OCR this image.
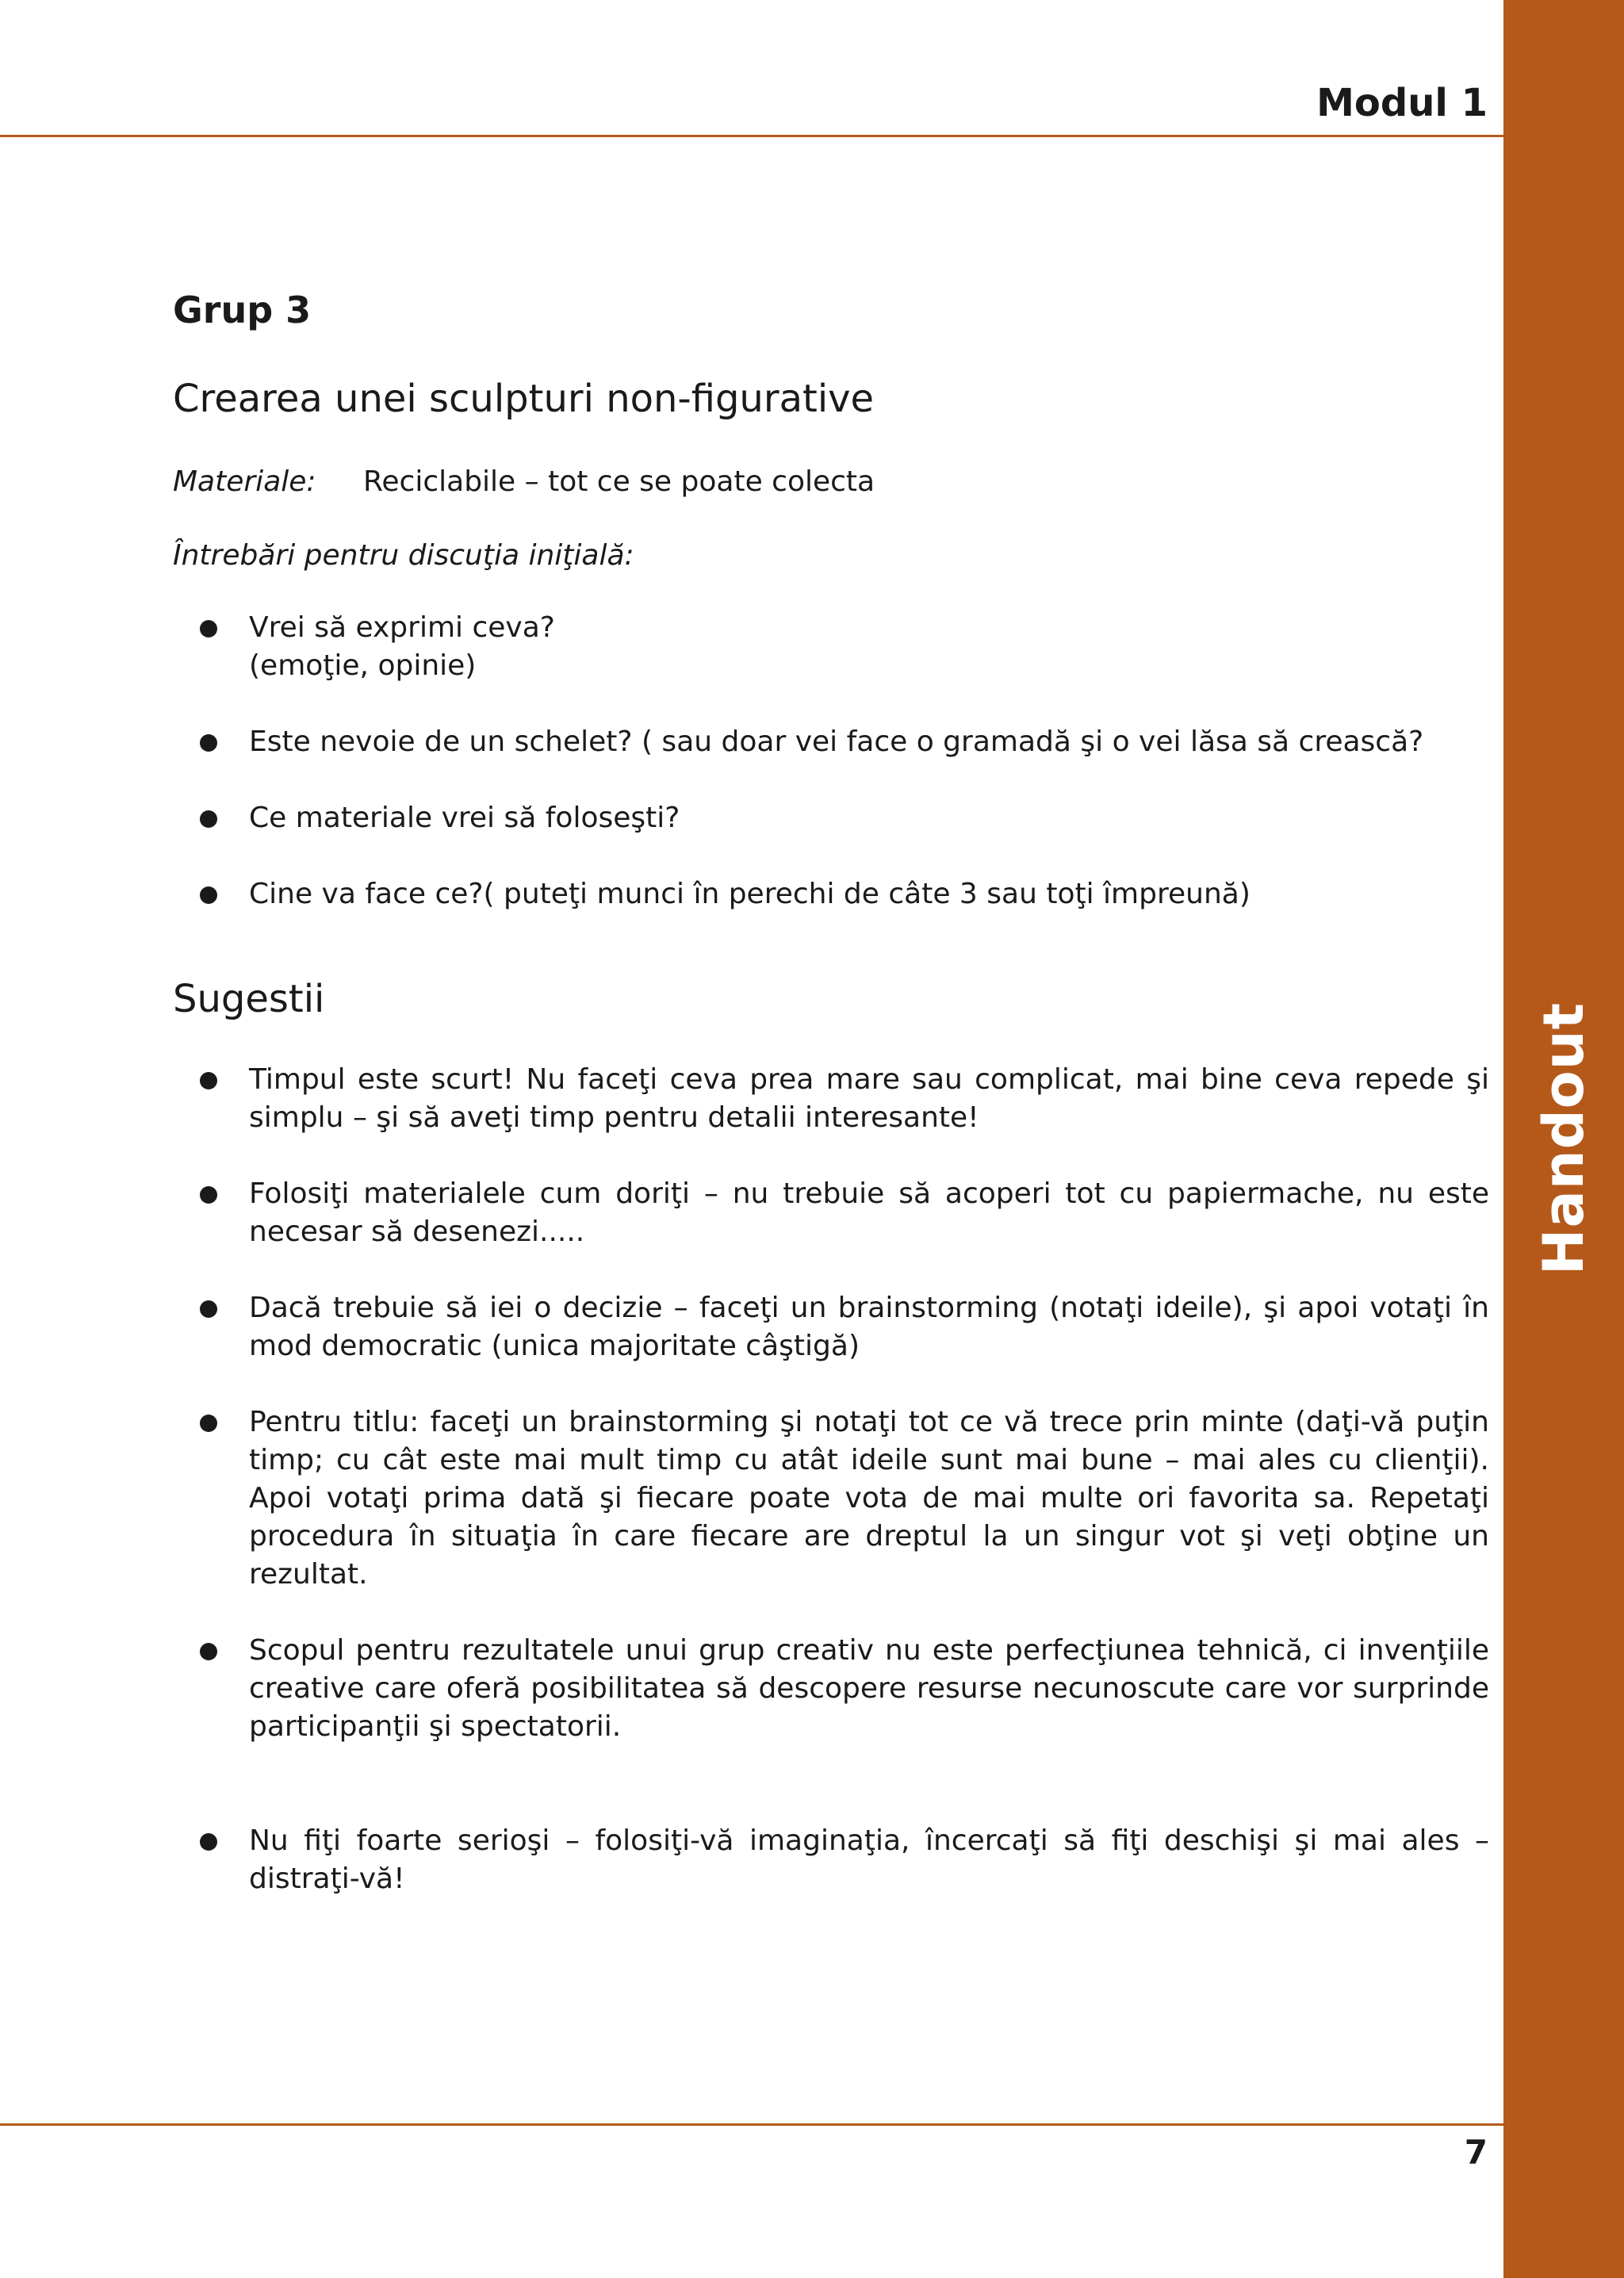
Handout
Modul 1
7
Grup 3
Crearea unei sculpturi non-figurative
Materiale: Reciclabile – tot ce se poate colecta
Întrebări pentru discuţia iniţială:
Vrei să exprimi ceva?
(emoţie, opinie)
Este nevoie de un schelet? ( sau doar vei face o gramadă şi o vei lăsa să crească?
Ce materiale vrei să foloseşti?
Cine va face ce?( puteţi munci în perechi de câte 3 sau toţi împreună)
Sugestii
Timpul este scurt! Nu faceţi ceva prea mare sau complicat, mai bine ceva repede şi simplu – şi să aveţi timp pentru detalii interesante!
Folosiţi materialele cum doriţi – nu trebuie să acoperi tot cu papiermache, nu este necesar să desenezi.....
Dacă trebuie să iei o decizie – faceţi un brainstorming (notaţi ideile), şi apoi votaţi în mod democratic (unica majoritate câştigă)
Pentru titlu: faceţi un brainstorming şi notaţi tot ce vă trece prin minte (daţi-vă puţin timp; cu cât este mai mult timp cu atât ideile sunt mai bune – mai ales cu clienţii). Apoi votaţi prima dată şi fiecare poate vota de mai multe ori favorita sa. Repetaţi procedura în situaţia în care fiecare are dreptul la un singur vot şi veţi obţine un rezultat.
Scopul pentru rezultatele unui grup creativ nu este perfecţiunea tehnică, ci invenţiile creative care oferă posibilitatea să descopere resurse necunoscute care vor surprinde participanţii şi spectatorii.
Nu fiţi foarte serioşi – folosiţi-vă imaginaţia, încercaţi să fiţi deschişi şi mai ales – distraţi-vă!
